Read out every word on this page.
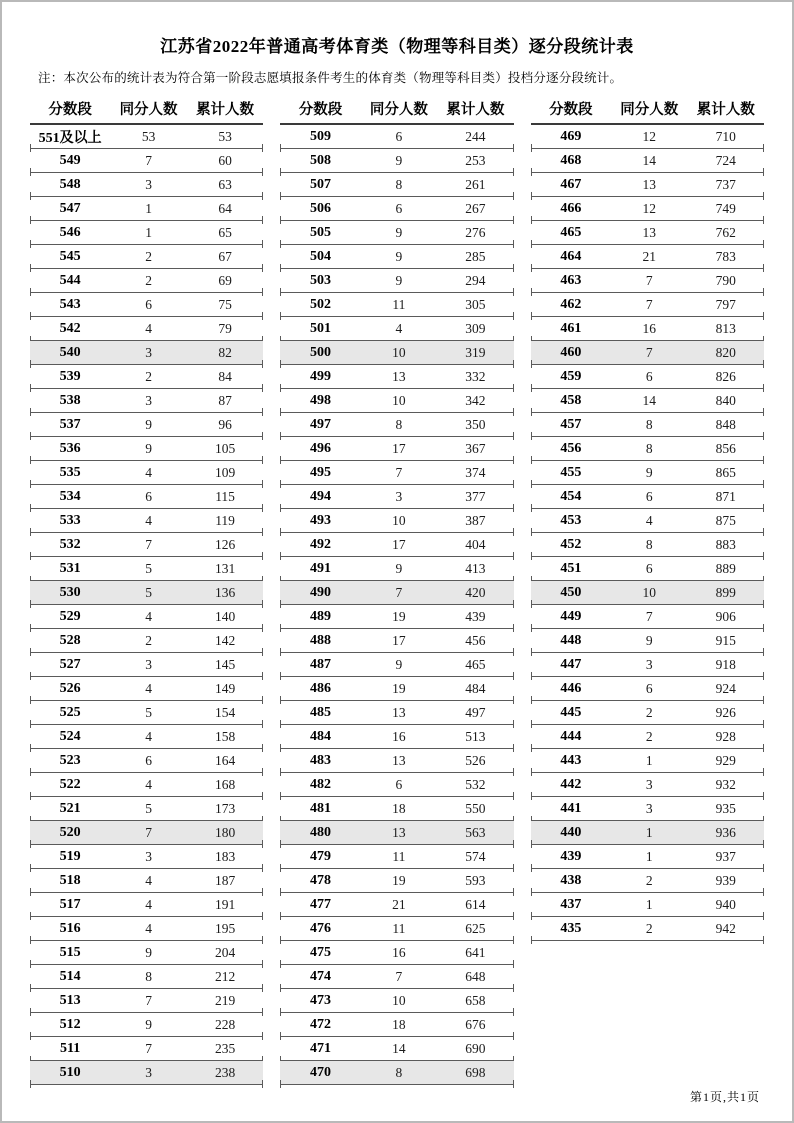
江苏省2022年普通高考体育类（物理等科目类）逐分段统计表
注：本次公布的统计表为符合第一阶段志愿填报条件考生的体育类（物理等科目类）投档分逐分段统计。
分数段	同分人数	累计人数
551及以上	53	53
549	7	60
548	3	63
547	1	64
546	1	65
545	2	67
544	2	69
543	6	75
542	4	79
540	3	82
539	2	84
538	3	87
537	9	96
536	9	105
535	4	109
534	6	115
533	4	119
532	7	126
531	5	131
530	5	136
529	4	140
528	2	142
527	3	145
526	4	149
525	5	154
524	4	158
523	6	164
522	4	168
521	5	173
520	7	180
519	3	183
518	4	187
517	4	191
516	4	195
515	9	204
514	8	212
513	7	219
512	9	228
511	7	235
510	3	238
分数段	同分人数	累计人数
509	6	244
508	9	253
507	8	261
506	6	267
505	9	276
504	9	285
503	9	294
502	11	305
501	4	309
500	10	319
499	13	332
498	10	342
497	8	350
496	17	367
495	7	374
494	3	377
493	10	387
492	17	404
491	9	413
490	7	420
489	19	439
488	17	456
487	9	465
486	19	484
485	13	497
484	16	513
483	13	526
482	6	532
481	18	550
480	13	563
479	11	574
478	19	593
477	21	614
476	11	625
475	16	641
474	7	648
473	10	658
472	18	676
471	14	690
470	8	698
分数段	同分人数	累计人数
469	12	710
468	14	724
467	13	737
466	12	749
465	13	762
464	21	783
463	7	790
462	7	797
461	16	813
460	7	820
459	6	826
458	14	840
457	8	848
456	8	856
455	9	865
454	6	871
453	4	875
452	8	883
451	6	889
450	10	899
449	7	906
448	9	915
447	3	918
446	6	924
445	2	926
444	2	928
443	1	929
442	3	932
441	3	935
440	1	936
439	1	937
438	2	939
437	1	940
435	2	942
第1页,共1页
